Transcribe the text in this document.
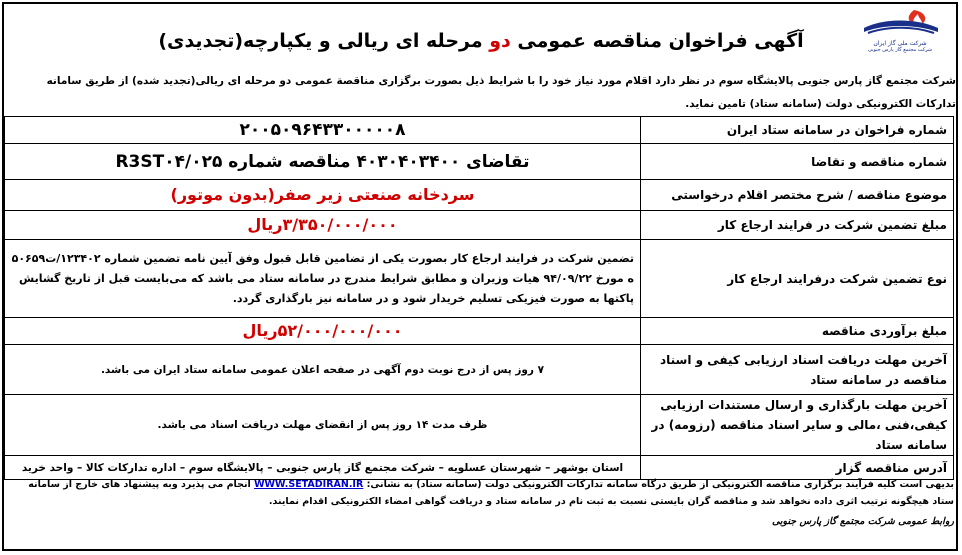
شرکت ملی گاز ایران
شرکت مجتمع گاز پارس جنوبی
آگهی فراخوان مناقصه عمومی دو مرحله ای ریالی و یکپارچه(تجدیدی)
شرکت مجتمع گاز پارس جنوبی پالایشگاه سوم در نظر دارد اقلام مورد نیاز خود را با شرایط ذیل بصورت برگزاری مناقصة عمومی دو مرحله ای ریالی(تجدید شده) از طریق سامانه تدارکات الکترونیکی دولت (سامانه ستاد) تامین نماید.
شماره فراخوان در سامانه ستاد ایران	۲۰۰۵۰۹۶۴۳۳۰۰۰۰۰۸
شماره مناقصه و تقاضا	تقاضای ۴۰۳۰۴۰۳۴۰۰ مناقصه شماره R3ST۰۴/۰۲۵
موضوع مناقصه / شرح مختصر اقلام درخواستی	سردخانه صنعتی زیر صفر(بدون موتور)
مبلغ تضمین شرکت در فرایند ارجاع کار	۳/۳۵۰/۰۰۰/۰۰۰ریال
نوع تضمین شرکت درفرایند ارجاع کار	تضمین شرکت در فرایند ارجاع کار بصورت یکی از تضامین قابل قبول وفق آیین نامه تضمین شماره ۱۲۳۴۰۲/ت۵۰۶۵۹ ه مورخ ۹۴/۰۹/۲۲ هیات وزیران و مطابق شرایط مندرج در سامانه ستاد می باشد که می‌بایست قبل از تاریخ گشایش پاکتها به صورت فیزیکی تسلیم خریدار شود و در سامانه نیز بارگذاری گردد.
مبلغ برآوردی مناقصه	۵۲/۰۰۰/۰۰۰/۰۰۰ریال
آخرین مهلت دریافت اسناد ارزیابی کیفی و اسناد مناقصه در سامانه ستاد	۷ روز پس از درج نوبت دوم آگهی در صفحه اعلان عمومی سامانه ستاد ایران می باشد.
آخرین مهلت بارگذاری و ارسال مستندات ارزیابی کیفی،فنی ،مالی و سایر اسناد مناقصه (رزومه) در سامانه ستاد	ظرف مدت ۱۴ روز پس از انقضای مهلت دریافت اسناد می باشد.
آدرس مناقصه گزار	استان بوشهر – شهرستان عسلویه – شرکت مجتمع گاز پارس جنوبی – پالایشگاه سوم – اداره تدارکات کالا – واحد خرید
بدیهی است کلیه فرآیند برگزاری مناقصه الکترونیکی از طریق درگاه سامانه تدارکات الکترونیکی دولت (سامانه ستاد) به نشانی: WWW.SETADIRAN.IR انجام می پذیرد وبه پیشنهاد های خارج از سامانه ستاد هیچگونه ترتیب اثری داده نخواهد شد و مناقصه گران بایستی نسبت به ثبت نام در سامانه ستاد و دریافت گواهی امضاء الکترونیکی اقدام نمایند.
روابط عمومی شرکت مجتمع گاز پارس جنوبی
